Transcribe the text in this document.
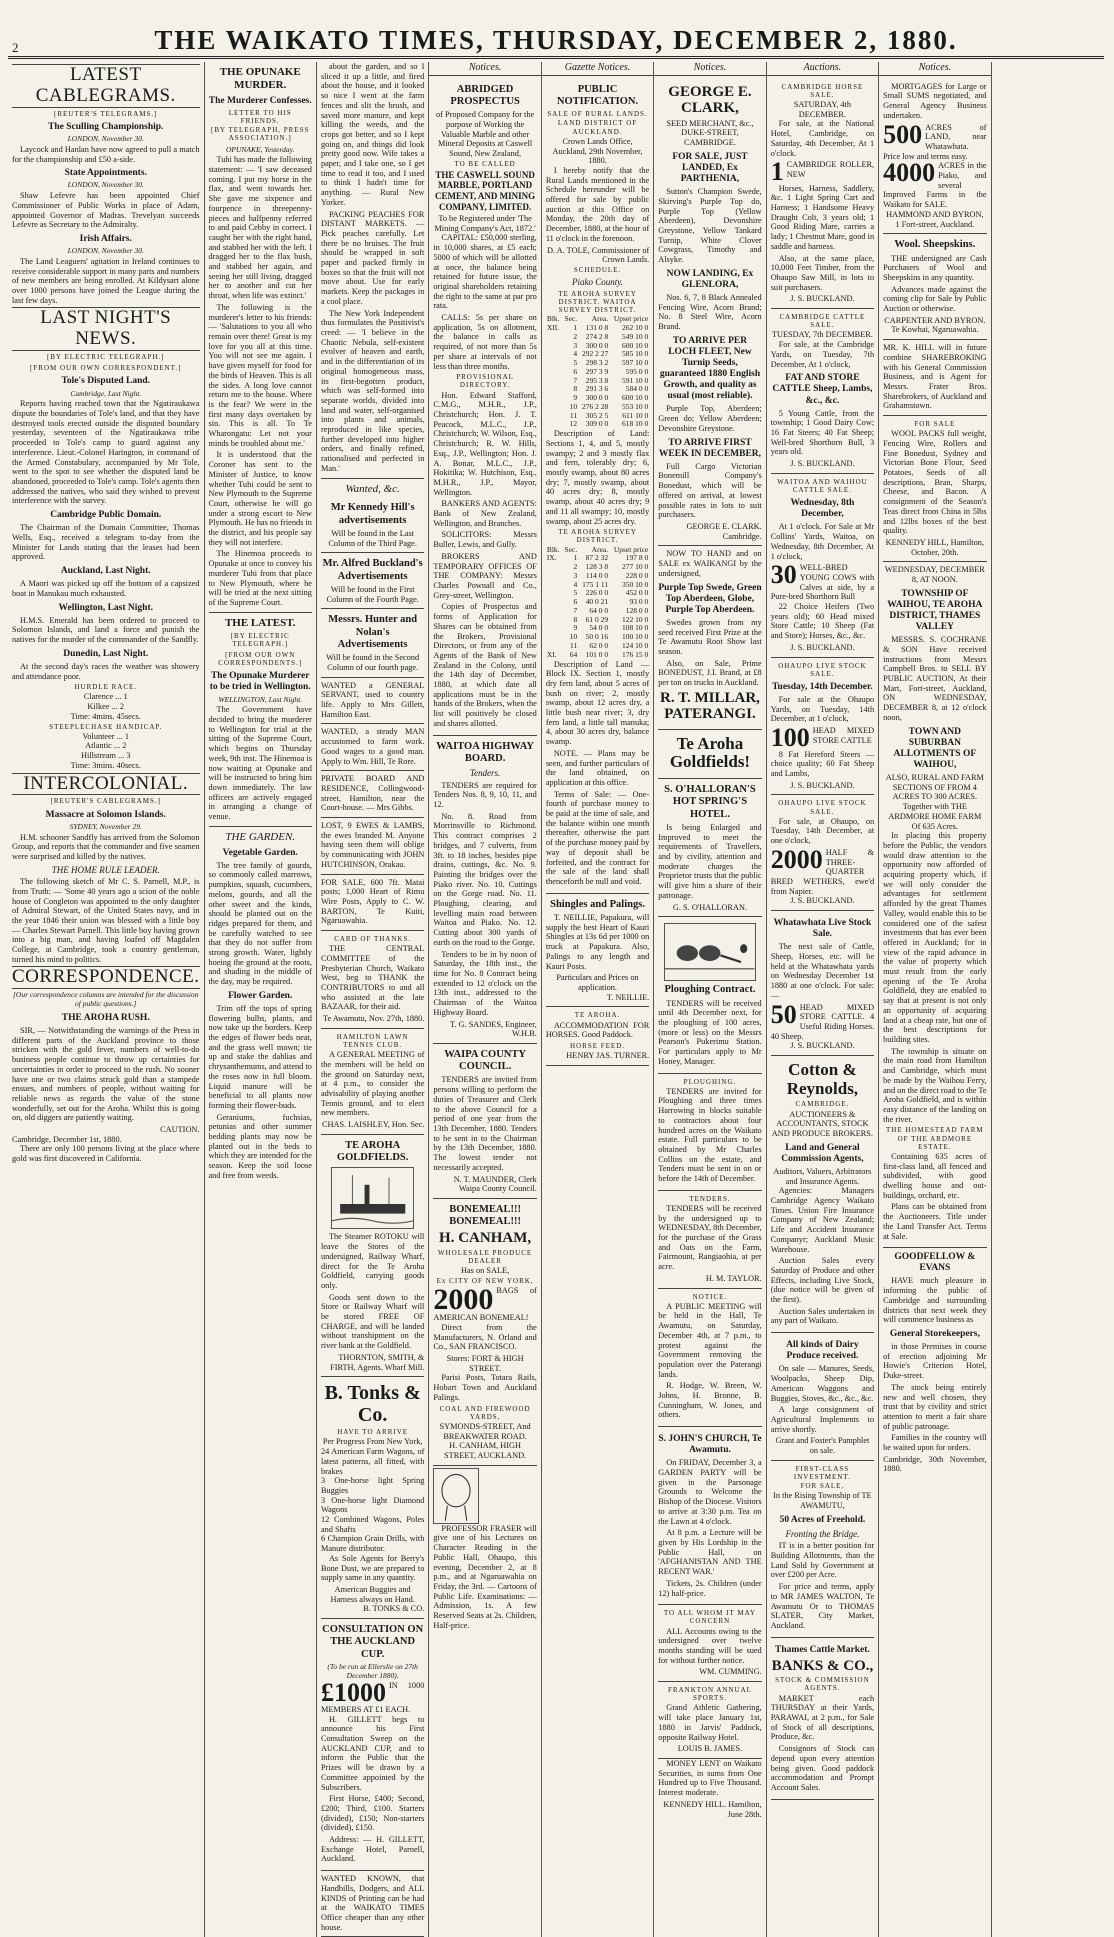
2	THE WAIKATO TIMES, THURSDAY, DECEMBER 2, 1880.
LATEST CABLEGRAMS.
[REUTER'S TELEGRAMS.]
The Sculling Championship.
LONDON, November 30.

Laycock and Hanlan have now agreed to pull a match for the championship and £50 a-side.

State Appointments.
LONDON, November 30.

Shaw Lefevre has been appointed Chief Commissioner of Public Works in place of Adam, appointed Governor of Madras. Trevelyan succeeds Lefevre as Secretary to the Admiralty.

Irish Affairs.
LONDON, November 30.

The Land Leaguers' agitation in Ireland continues to receive considerable support in many parts and numbers of new members are being enrolled. At Kildysart alone over 1000 persons have joined the League during the last few days.

LAST NIGHT'S NEWS.
[BY ELECTRIC TELEGRAPH.]
[FROM OUR OWN CORRESPONDENT.]
Tole's Disputed Land.
Cambridge, Last Night.

Reports having reached town that the Ngatiraukawa dispute the boundaries of Tole's land, and that they have destroyed tools erected outside the disputed boundary yesterday, seventeen of the Ngatiraukawa tribe proceeded to Tole's camp to guard against any interference. Lieut.-Colonel Harington, in command of the Armed Constabulary, accompanied by Mr Tole, went to the spot to see whether the disputed land be abandoned, proceeded to Tole's camp. Tole's agents then addressed the natives, who said they wished to prevent interference with the survey.

Cambridge Public Domain.

The Chairman of the Domain Committee, Thomas Wells, Esq., received a telegram to-day from the Minister for Lands stating that the leases had been approved.

Auckland, Last Night.

A Maori was picked up off the bottom of a capsized boat in Manukau much exhausted.

Wellington, Last Night.

H.M.S. Emerald has been ordered to proceed to Solomon Islands, and land a force and punish the natives for the murder of the commander of the Sandfly.

Dunedin, Last Night.

At the second day's races the weather was showery and attendance poor.

HURDLE RACE.
Clarence ... 1
Kilkee ... 2
Time: 4mins. 45secs.
STEEPLECHASE HANDICAP.
Volunteer ... 1
Atlantic ... 2
Hillstream ... 3
Time: 3mins. 40secs.
INTERCOLONIAL.
[REUTER'S CABLEGRAMS.]
Massacre at Solomon Islands.
SYDNEY, November 29.

H.M. schooner Sandfly has arrived from the Solomon Group, and reports that the commander and five seamen were surprised and killed by the natives.

THE HOME RULE LEADER.

The following sketch of Mr C. S. Parnell, M.P., is from Truth: — 'Some 40 years ago a scion of the noble house of Congleton was appointed to the only daughter of Admiral Stewart, of the United States navy, and in the year 1846 their union was blessed with a little boy — Charles Stewart Parnell. This little boy having grown into a big man, and having loafed off Magdalen College, at Cambridge, took a country gentleman, turned his mind to politics.

CORRESPONDENCE.
[Our correspondence columns are intended for the discussion of public questions.]
THE AROHA RUSH.

SIR, — Notwithstanding the warnings of the Press in different parts of the Auckland province to those stricken with the gold fever, numbers of well-to-do business people continue to throw up certainties for uncertainties in order to proceed to the rush. No sooner have one or two claims struck gold than a stampede ensues, and numbers of people, without waiting for reliable news as regards the value of the stone wonderfully, set out for the Aroha. Whilst this is going on, old diggers are patiently waiting.

CAUTION.
Cambridge, December 1st, 1880.

There are only 100 persons living at the place where gold was first discovered in California.

THE OPUNAKE MURDER.
The Murderer Confesses.
LETTER TO HIS FRIENDS.
[BY TELEGRAPH, PRESS ASSOCIATION.]
OPUNAKE, Yesterday.

Tuhi has made the following statement: — 'I saw deceased coming. I put my horse in the flax, and went towards her. She gave me sixpence and fourpence in threepenny-pieces and halfpenny referred to and paid Cebby in correct. I caught her with the right hand, and stabbed her with the left. I dragged her to the flax bush, and stabbed her again, and seeing her still living, dragged her to another and cut her throat, when life was extinct.'

The following is the murderer's letter to his friends: — 'Salutations to you all who remain over there! Great is my love for you all at this time. You will not see me again. I have given myself for food for the birds of Heaven. This is all the sides. A long love cannot return me to the house. Where is the fear? We were in the first many days overtaken by sin. This is all. To Te Wharongatu: Let not your minds be troubled about me.'

It is understood that the Coroner has sent to the Minister of Justice, to know whether Tuhi could be sent to New Plymouth to the Supreme Court, otherwise he will go under a strong escort to New Plymouth. He has no friends in the district, and his people say they will not interfere.

The Hinemoa proceeds to Opunake at once to convey his murderer Tuhi from that place to New Plymouth, where he will be tried at the next sitting of the Supreme Court.

THE LATEST.
[BY ELECTRIC TELEGRAPH.]
[FROM OUR OWN CORRESPONDENTS.]
The Opunake Murderer to be tried in Wellington.
WELLINGTON, Last Night.

The Government have decided to bring the murderer to Wellington for trial at the sitting of the Supreme Court, which begins on Thursday week, 9th inst. The Hinemoa is now waiting at Opunake and will be instructed to bring him down immediately. The law officers are actively engaged in arranging a change of venue.

THE GARDEN.
Vegetable Garden.

The tree family of gourds, so commonly called marrows, pumpkins, squash, cucumbers, melons, gourds, and all the other sweet and the kinds, should be planted out on the ridges prepared for them, and be carefully watched to see that they do not suffer from strong growth. Water, lightly hoeing the ground at the roots, and shading in the middle of the day, may be required.

Flower Garden.

Trim off the tops of spring flowering bulbs, plants, and now take up the borders. Keep the edges of flower beds neat, and the grass well mown; tie up and stake the dahlias and chrysanthemums, and attend to the roses now in full bloom. Liquid manure will be beneficial to all plants now forming their flower-buds.

Geraniums, fuchsias, petunias and other summer bedding plants may now be planted out in the beds to which they are intended for the season. Keep the soil loose and free from weeds.

about the garden, and so I sliced it up a little, and fired about the house, and it looked so nice I went at the farm fences and slit the brush, and saved more manure, and kept killing the weeds, and the crops got better, and so I kept going on, and things did look pretty good now. Wife takes a paper, and I take one, so I get time to read it too, and I used to think I hadn't time for anything. — Rural New Yorker.

PACKING PEACHES FOR DISTANT MARKETS. — Pick peaches carefully. Let there be no bruises. The fruit should be wrapped in soft paper and packed firmly in boxes so that the fruit will not move about. Use for early markets. Keep the packages in a cool place.

The New York Independent thus formulates the Positivist's creed: — 'I believe in the Chaotic Nebula, self-existent evolver of heaven and earth, and in the differentiation of its original homogeneous mass, its first-begotten product, which was self-formed into separate worlds, divided into land and water, self-organised into plants and animals, reproduced in like species, further developed into higher orders, and finally refined, rationalised and perfected in Man.'

Wanted, &c.
Mr Kennedy Hill's advertisements
Will be found in the Last Column of the Third Page.
Mr. Alfred Buckland's Advertisements
Will be found in the First Column of the Fourth Page.
Messrs. Hunter and Nolan's Advertisements
Will be found in the Second Column of our fourth page.
WANTED a GENERAL SERVANT, used to country life. Apply to Mrs Gillett, Hamilton East.
WANTED, a steady MAN accustomed to farm work. Good wages to a good man. Apply to Wm. Hill, Te Rore.
PRIVATE BOARD AND RESIDENCE, Collingwood-street, Hamilton, near the Court-house. — Mrs Gibbs.
LOST, 9 EWES & LAMBS, the ewes branded M. Anyone having seen them will oblige by communicating with JOHN HUTCHINSON, Orakau.
FOR SALE, 600 7ft. Matai posts; 1,000 Heart of Rimu Wire Posts, Apply to C. W. BARTON, Te Kuiti, Ngaruawahia.
CARD OF THANKS.

THE CENTRAL COMMITTEE of the Presbyterian Church, Waikato West, beg to THANK the CONTRIBUTORS to and all who assisted at the late BAZAAR, for their aid.

Te Awamutu, Nov. 27th, 1880.
HAMILTON LAWN TENNIS CLUB.

A GENERAL MEETING of the members will be held on the ground on Saturday next, at 4 p.m., to consider the advisability of playing another Tennis ground, and to elect new members.

CHAS. LAISHLEY, Hon. Sec.
TE AROHA GOLDFIELDS.

The Steamer ROTOKU will leave the Stores of the undersigned, Railway Wharf, direct for the Te Aroha Goldfield, carrying goods only.

Goods sent down to the Store or Railway Wharf will be stored FREE OF CHARGE, and will be landed without transhipment on the river bank at the Goldfield.

THORNTON, SMITH, & FIRTH, Agents. Wharf Mill.
B. Tonks & Co.
HAVE TO ARRIVE
Per Progress From New York,
24 American Farm Wagons, of latest patterns, all fitted, with brakes
3 One-horse light Spring Buggies
3 One-horse light Diamond Wagons
12 Combined Wagons, Poles and Shafts
6 Champion Grain Drills, with Manure distributor.

As Sole Agents for Berry's Bone Dust, we are prepared to supply same in any quantity.

American Buggies and Harness always on Hand.
B. TONKS & CO.
CONSULTATION ON THE AUCKLAND CUP.
(To be run at Ellerslie on 27th December 1880).
£1000 IN 1000 MEMBERS AT £1 EACH.

H. GILLETT begs to announce his First Consultation Sweep on the AUCKLAND CUP, and to inform the Public that the Prizes will be drawn by a Committee appointed by the Subscribers.

First Horse, £400; Second, £200; Third, £100. Starters (divided), £150; Non-starters (divided), £150.

Address: — H. GILLETT, Exchange Hotel, Parnell, Auckland.

WANTED KNOWN, that Handbills, Dodgers, and ALL KINDS of Printing can be had at the WAIKATO TIMES Office cheaper than any other house.
Notices.
ABRIDGED PROSPECTUS
of Proposed Company for the purpose of Working the Valuable Marble and other Mineral Deposits at Caswell Sound, New Zealand,
TO BE CALLED
THE CASWELL SOUND MARBLE, PORTLAND CEMENT, AND MINING COMPANY, LIMITED.
To be Registered under 'The Mining Company's Act, 1872.'

CAPITAL: £50,000 sterling, in 10,000 shares, at £5 each; 5000 of which will be allotted at once, the balance being retained for future issue, the original shareholders retaining the right to the same at par pro rata.

CALLS: 5s per share on application, 5s on allotment, the balance in calls as required, of not more than 5s per share at intervals of not less than three months.

PROVISIONAL DIRECTORY.

Hon. Edward Stafford, C.M.G., M.H.R., J.P., Christchurch; Hon. J. T. Peacock, M.L.C., J.P., Christchurch; W. Wilson, Esq., Christchurch; R. W. Hills, Esq., J.P., Wellington; Hon. J. A. Bonar, M.L.C., J.P., Hokitika; W. Hutchison, Esq., M.H.R., J.P., Mayor, Wellington.

BANKERS AND AGENTS: Bank of New Zealand, Wellington, and Branches.

SOLICITORS: Messrs Buller, Lewis, and Gully.

BROKERS AND TEMPORARY OFFICES OF THE COMPANY: Messrs Charles Pownall and Co., Grey-street, Wellington.

Copies of Prospectus and forms of Application for Shares can be obtained from the Brokers, Provisional Directors, or from any of the Agents of the Bank of New Zealand in the Colony, until the 14th day of December, 1880, at which date all applications must be in the hands of the Brokers, when the list will positively be closed and shares allotted.

WAITOA HIGHWAY BOARD.
Tenders.

TENDERS are required for Tenders Nos. 8, 9, 10, 11, and 12.

No. 8. Road from Morrinsville to Richmond. This contract comprises 2 bridges, and 7 culverts, from 3ft. to 18 inches, besides pipe drains, cuttings, &c. No. 9. Painting the bridges over the Piako river. No. 10. Cuttings on the Gorge road. No. 11. Ploughing, clearing, and levelling main road between Waitoa and Piako. No. 12. Cutting about 300 yards of earth on the road to the Gorge.

Tenders to be in by noon of Saturday, the 18th inst., the time for No. 8 Contract being extended to 12 o'clock on the 13th inst., addressed to the Chairman of the Waitoa Highway Board.

T. G. SANDES, Engineer, W.H.B.
WAIPA COUNTY COUNCIL.

TENDERS are invited from persons willing to perform the duties of Treasurer and Clerk to the above Council for a period of one year from the 13th December, 1880. Tenders to be sent in to the Chairman by the 13th December, 1880. The lowest tender not necessarily accepted.

N. T. MAUNDER, Clerk Waipa County Council.
BONEMEAL!!! BONEMEAL!!!
H. CANHAM,
WHOLESALE PRODUCE DEALER
Has on SALE,
Ex CITY OF NEW YORK,
2000 BAGS of AMERICAN BONEMEAL!

Direct from the Manufacturers, N. Orland and Co., SAN FRANCISCO.

Stores: FORT & HIGH STREET.

Parisi Posts, Totara Rails, Hobart Town and Auckland Palings.

COAL AND FIREWOOD YARDS,
SYMONDS-STREET, And BREAKWATER ROAD.
H. CANHAM, HIGH STREET, AUCKLAND.

PROFESSOR FRASER will give one of his Lectures on Character Reading in the Public Hall, Ohaupo, this evening, December 2, at 8 p.m., and at Ngaruawahia on Friday, the 3rd. — Cartoons of Public Life. Examinations: — Admission, 1s. A few Reserved Seats at 2s. Children, Half-price.

Gazette Notices.
PUBLIC NOTIFICATION.
SALE OF RURAL LANDS.
LAND DISTRICT OF AUCKLAND.
Crown Lands Office, Auckland, 29th November, 1880.

I hereby notify that the Rural Lands mentioned in the Schedule hereunder will be offered for sale by public auction at this Office on Monday, the 20th day of December, 1880, at the hour of 11 o'clock in the forenoon.

D. A. TOLE, Commissioner of Crown Lands.
SCHEDULE.
Piako County.
TE AROHA SURVEY DISTRICT. WAITOA SURVEY DISTRICT.
Blk.	Sec.	Area.	Upset price
XII.	1	131 0 8	262 10 0
	2	274 2 8	549 10 0
	3	300 0 0	600 10 0
	4	292 2 27	585 10 0
	5	298 3 2	597 10 0
	6	297 3 9	595 0 0
	7	295 3 8	591 10 0
	8	291 3 6	584 0 0
	9	300 0 0	600 10 0
	10	276 2 28	553 10 0
	11	305 2 5	611 10 0
	12	309 0 0	618 10 0

Description of Land: Sections 1, 4, and 5, mostly swampy; 2 and 3 mostly flax and fern, tolerably dry; 6, mostly swamp, about 80 acres dry; 7, mostly swamp, about 40 acres dry; 8, mostly swamp, about 40 acres dry; 9 and 11 all swampy; 10, mostly swamp, about 25 acres dry.

TE AROHA SURVEY DISTRICT.
Blk.	Sec.	Area.	Upset price
IX.	1	87 2 32	197 8 0
	2	128 3 8	277 10 0
	3	114 0 0	228 0 0
	4	175 1 11	350 10 0
	5	226 0 0	452 0 0
	6	40 0 21	93 0 0
	7	64 0 0	128 0 0
	8	61 0 29	122 10 0
	9	54 0 0	108 10 0
	10	50 0 16	100 10 0
	11	62 0 0	124 10 0
XI.	64	101 0 0	176 15 0

Description of Land — Block IX. Section 1, mostly dry fern land, about 5 acres of bush on river; 2, mostly swamp, about 12 acres dry, a little bush near river; 3, dry fern land, a little tall manuka; 4, about 30 acres dry, balance swamp.

NOTE. — Plans may be seen, and further particulars of the land obtained, on application at this office.

Terms of Sale: — One-fourth of purchase money to be paid at the time of sale, and the balance within one month thereafter, otherwise the part of the purchase money paid by way of deposit shall be forfeited, and the contract for the sale of the land shall thenceforth be null and void.

Shingles and Palings.

T. NEILLIE, Papakura, will supply the best Heart of Kauri Shingles at 13s 6d per 1000 on truck at Papakura. Also, Palings to any length and Kauri Posts.

Particulars and Prices on application.
T. NEILLIE.
TE AROHA.

ACCOMMODATION FOR HORSES. Good Paddock.

HORSE FEED.
HENRY JAS. TURNER.
Notices.
GEORGE E. CLARK,
SEED MERCHANT, &c.,
DUKE-STREET, CAMBRIDGE.
FOR SALE, JUST LANDED, Ex PARTHENIA,

Sutton's Champion Swede, Skirving's Purple Top do, Purple Top (Yellow Aberdeen), Devonshire Greystone, Yellow Tankard Turnip, White Clover Cowgrass, Timothy and Alsyke.

NOW LANDING, Ex GLENLORA,

Nos. 6, 7, 8 Black Annealed Fencing Wire, Acorn Brand; No. 8 Steel Wire, Acorn Brand.

TO ARRIVE PER LOCH FLEET, New Turnip Seeds, guaranteed 1880 English Growth, and quality as usual (most reliable).

Purple Top, Aberdeen; Green do; Yellow Aberdeen; Devonshire Greystone.

TO ARRIVE FIRST WEEK IN DECEMBER,

Full Cargo Victorian Bonemill Company's Bonedust, which will be offered on arrival, at lowest possible rates in lots to suit purchasers.

GEORGE E. CLARK. Cambridge.

NOW TO HAND and on SALE ex WAIKANGI by the undersigned,

Purple Top Swede, Green Top Aberdeen, Globe, Purple Top Aberdeen.

Swedes grown from my seed received First Prize at the Te Awamutu Root Show last season.

Also, on Sale, Prime BONEDUST, J.I. Brand, at £8 per ton on trucks in Auckland.

R. T. MILLAR, PATERANGI.
Te Aroha Goldfields!
S. O'HALLORAN'S HOT SPRING'S HOTEL.

Is being Enlarged and Improved to meet the requirements of Travellers, and by civility, attention and moderate charges the Proprietor trusts that the public will give him a share of their patronage.

G. S. O'HALLORAN.
Ploughing Contract.

TENDERS will be received until 4th December next, for the ploughing of 100 acres, (more or less) on the Messrs Pearson's Pukerimu Station. For particulars apply to Mr Honey, Manager.

PLOUGHING.

TENDERS are invited for Ploughing and three times Harrowing in blocks suitable to contractors about four hundred acres on the Waikato estate. Full particulars to be obtained by Mr Charles Collins on the estate, and Tenders must be sent in on or before the 14th of December.

TENDERS.

TENDERS will be received by the undersigned up to WEDNESDAY, 8th December, for the purchase of the Grass and Oats on the Farm, Fairmount, Rangiaohia, at per acre.

H. M. TAYLOR.
NOTICE.

A PUBLIC MEETING will be held in the Hall, Te Awamutu, on Saturday, December 4th, at 7 p.m., to protest against the Government removing the population over the Paterangi lands.

R. Hodge, W. Breen, W. Johns, H. Bronne, B. Cunningham, W. Jones, and others.

S. JOHN'S CHURCH, Te Awamutu.

On FRIDAY, December 3, a GARDEN PARTY will be given in the Parsonage Grounds to Welcome the Bishop of the Diocese. Visitors to arrive at 3:30 p.m. Tea on the Lawn at 4 o'clock.

At 8 p.m. a Lecture will be given by His Lordship in the Public Hall, on 'AFGHANISTAN AND THE RECENT WAR.'

Tickets, 2s. Children (under 12) half-price.

TO ALL WHOM IT MAY CONCERN

ALL Accounts owing to the undersigned over twelve months standing will be sued for without further notice.

WM. CUMMING.
FRANKTON ANNUAL SPORTS.

Grand Athletic Gathering, will take place January 1st, 1880 in Jarvis' Paddock, opposite Railway Hotel.

LOUIS B. JAMES.

MONEY LENT on Waikato Securities, in sums from One Hundred up to Five Thousand. Interest moderate.

KENNEDY HILL. Hamilton, June 28th.
Auctions.
CAMBRIDGE HORSE SALE.
SATURDAY, 4th DECEMBER.

For sale, at the National Hotel, Cambridge, on Saturday, 4th December, At 1 o'clock.

1 CAMBRIDGE ROLLER, NEW

Horses, Harness, Saddlery, &c. 1 Light Spring Cart and Harness; 1 Handsome Heavy Draught Colt, 3 years old; 1 Good Riding Mare, carries a lady; 1 Chestnut Mare, good in saddle and harness.

Also, at the same place, 10,000 Feet Timber, from the Ohaupo Saw Mill, in lots to suit purchasers.

J. S. BUCKLAND.
CAMBRIDGE CATTLE SALE.
TUESDAY, 7th DECEMBER.

For sale, at the Cambridge Yards, on Tuesday, 7th December, At 1 o'clock,

FAT AND STORE CATTLE Sheep, Lambs, &c., &c.

5 Young Cattle, from the township; 1 Good Dairy Cow; 16 Fat Steers; 40 Fat Sheep; Well-bred Shorthorn Bull, 3 years old.

J. S. BUCKLAND.
WAITOA AND WAIHOU CATTLE SALE.
Wednesday, 8th December,

At 1 o'clock. For Sale at Mr Collins' Yards, Waitoa, on Wednesday, 8th December, At 1 o'clock,

30 WELL-BRED YOUNG COWS with Calves at side, by a Pure-bred Shorthorn Bull

22 Choice Heifers (Two years old); 60 Head mixed Store Cattle; 10 Sheep (Fat and Store); Horses, &c., &c.

J. S. BUCKLAND.
OHAUPO LIVE STOCK SALE.
Tuesday, 14th December.

For sale at the Ohaupo Yards, on Tuesday, 14th December, at 1 o'clock,

100 HEAD MIXED STORE CATTLE

8 Fat Hereford Steers — choice quality; 60 Fat Sheep and Lambs,

J. S. BUCKLAND.
OHAUPO LIVE STOCK SALE.

For sale, at Ohaupo, on Tuesday, 14th December, at one o'clock,

2000 HALF & THREE-QUARTER BRED WETHERS, ewe'd from Napier.
J. S. BUCKLAND.
Whatawhata Live Stock Sale.

The next sale of Cattle, Sheep, Horses, etc. will be held at the Whatawhata yards on Wednesday December 1st 1880 at one o'clock. For sale: —

50 HEAD MIXED STORE CATTLE. 4 Useful Riding Horses. 40 Sheep.
J. S. BUCKLAND.
Cotton & Reynolds,
CAMBRIDGE.
AUCTIONEERS & ACCOUNTANTS, STOCK AND PRODUCE BROKERS.
Land and General Commission Agents,
Auditors, Valuers, Arbitrators and Insurance Agents.

Agencies: Managers Cambridge Agency Waikato Times. Union Fire Insurance Company of New Zealand; Life and Accident Insurance Companyr; Auckland Music Warehouse.

Auction Sales every Saturday of Produce and other Effects, including Live Stock, (due notice will be given of the first).

Auction Sales undertaken in any part of Waikato.

All kinds of Dairy Produce received.

On sale — Manures, Seeds, Woolpacks, Sheep Dip, American Waggons and Buggies, Stoves, &c., &c., &c.

A large consignment of Agricultural Implements to arrive shortly.

Grant and Foster's Pamphlet on sale.
FIRST-CLASS INVESTMENT.
FOR SALE,
In the Rising Township of TE AWAMUTU,
50 Acres of Freehold.
Fronting the Bridge.

IT is in a better position for Building Allotments, than the Land Sold by Government at over £200 per Acre.

For price and terms, apply to MR JAMES WALTON, Te Awamutu Or to THOMAS SLATER, City Market, Auckland.

Thames Cattle Market.
BANKS & CO.,
STOCK & COMMISSION AGENTS.

MARKET each THURSDAY at their Yards, PARAWAI, at 2 p.m., for Sale of Stock of all descriptions, Produce, &c.

Consignors of Stock can depend upon every attention being given. Good paddock accommodation and Prompt Account Sales.

Notices.

MORTGAGES for Large or Small SUMS negotiated, and General Agency Business undertaken.

500 ACRES of LAND, near Whatawhata. Price low and terms easy.
4000 ACRES in the Piako, and several Improved Farms in the Waikato for SALE.
HAMMOND AND BYRON, 1 Fort-street, Auckland.
Wool. Sheepskins.

THE undersigned are Cash Purchasers of Wool and Sheepskins in any quantity.

Advances made against the coming clip for Sale by Public Auction or otherwise.

CARPENTER AND BYRON. Te Kowhai, Ngaruawahia.
MR. K. HILL will in future combine SHAREBROKING with his General Commission Business, and is Agent for Messrs. Frater Bros. Sharebrokers, of Auckland and Grahamstown.
FOR SALE

WOOL PACKS full weight, Fencing Wire, Rollers and Fine Bonedust, Sydney and Victorian Bone Flour, Seed Potatoes, Seeds of all descriptions, Bran, Sharps, Cheese, and Bacon. A consignment of the Season's Teas direct from China in 5lbs and 12lbs boxes of the best quality.

KENNEDY HILL, Hamilton, October, 20th.
WEDNESDAY, DECEMBER 8, AT NOON.
TOWNSHIP OF WAIHOU, TE AROHA DISTRICT, THAMES VALLEY

MESSRS. S. COCHRANE & SON Have received instructions from Messrs Campbell Bros. to SELL BY PUBLIC AUCTION, At their Mart, Fort-street, Auckland, ON WEDNESDAY, DECEMBER 8, at 12 o'clock noon,

TOWN AND SUBURBAN ALLOTMENTS OF WAIHOU,
ALSO, RURAL AND FARM SECTIONS OF FROM 4 ACRES TO 300 ACRES. Together with THE ARDMORE HOME FARM Of 635 Acres.

In placing this property before the Public, the vendors would draw attention to the opportunity now afforded of acquiring property which, if we will only consider the advantages for settlement afforded by the great Thames Valley, would enable this to be considered one of the safest investments that has ever been offered in Auckland; for in view of the rapid advance in the value of property which must result from the early opening of the Te Aroha Goldfield, they are enabled to say that at present is not only an opportunity of acquiring land at a cheap rate, but one of the best descriptions for building sites.

The township is situate on the main road from Hamilton and Cambridge, which must be made by the Waihou Ferry, and on the direct road to the Te Aroha Goldfield, and is within easy distance of the landing on the river.

THE HOMESTEAD FARM OF THE ARDMORE ESTATE.

Containing 635 acres of first-class land, all fenced and subdivided, with good dwelling house and out-buildings, orchard, etc.

Plans can be obtained from the Auctioneers. Title under the Land Transfer Act. Terms at Sale.

GOODFELLOW & EVANS

HAVE much pleasure in informing the public of Cambridge and surrounding districts that next week they will commence business as

General Storekeepers,

in those Premises in course of erection adjoining Mr Howie's Criterion Hotel, Duke-street.

The stock being entirely new and well chosen, they trust that by civility and strict attention to merit a fair share of public patronage.

Families in the country will be waited upon for orders.

Cambridge, 30th November, 1880.
